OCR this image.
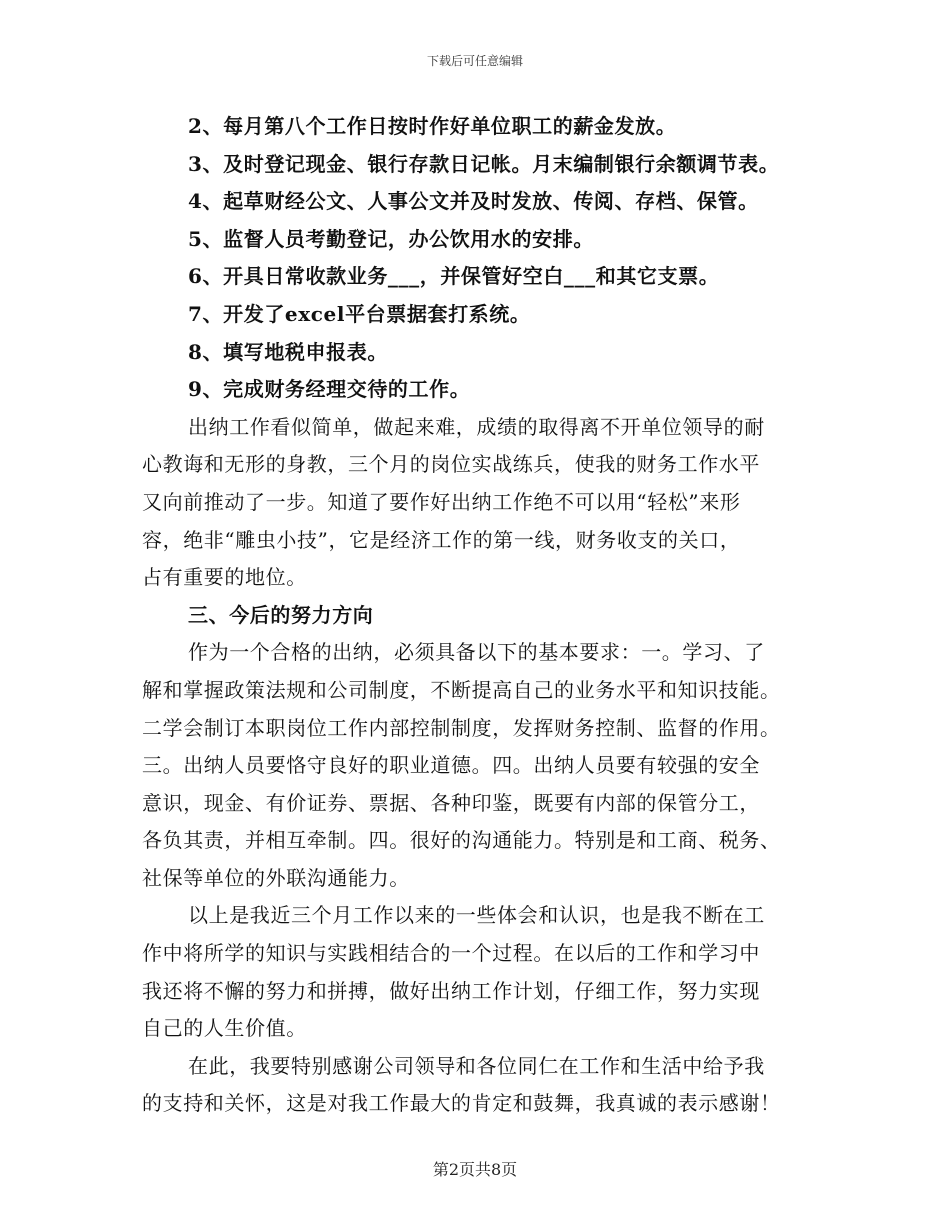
下载后可任意编辑
2、每月第八个工作日按时作好单位职工的薪金发放。
3、及时登记现金、银行存款日记帐。月末编制银行余额调节表。
4、起草财经公文、人事公文并及时发放、传阅、存档、保管。
5、监督人员考勤登记，办公饮用水的安排。
6、开具日常收款业务___，并保管好空白___和其它支票。
7、开发了excel平台票据套打系统。
8、填写地税申报表。
9、完成财务经理交待的工作。
出纳工作看似简单，做起来难，成绩的取得离不开单位领导的耐
心教诲和无形的身教，三个月的岗位实战练兵，使我的财务工作水平
又向前推动了一步。知道了要作好出纳工作绝不可以用“轻松”来形
容，绝非“雕虫小技”，它是经济工作的第一线，财务收支的关口，
占有重要的地位。
三、今后的努力方向
作为一个合格的出纳，必须具备以下的基本要求：一。学习、了
解和掌握政策法规和公司制度，不断提高自己的业务水平和知识技能。
二学会制订本职岗位工作内部控制制度，发挥财务控制、监督的作用。
三。出纳人员要恪守良好的职业道德。四。出纳人员要有较强的安全
意识，现金、有价证券、票据、各种印鉴，既要有内部的保管分工，
各负其责，并相互牵制。四。很好的沟通能力。特别是和工商、税务、
社保等单位的外联沟通能力。
以上是我近三个月工作以来的一些体会和认识，也是我不断在工
作中将所学的知识与实践相结合的一个过程。在以后的工作和学习中
我还将不懈的努力和拼搏，做好出纳工作计划，仔细工作，努力实现
自己的人生价值。
在此，我要特别感谢公司领导和各位同仁在工作和生活中给予我
的支持和关怀，这是对我工作最大的肯定和鼓舞，我真诚的表示感谢！
第2页共8页
